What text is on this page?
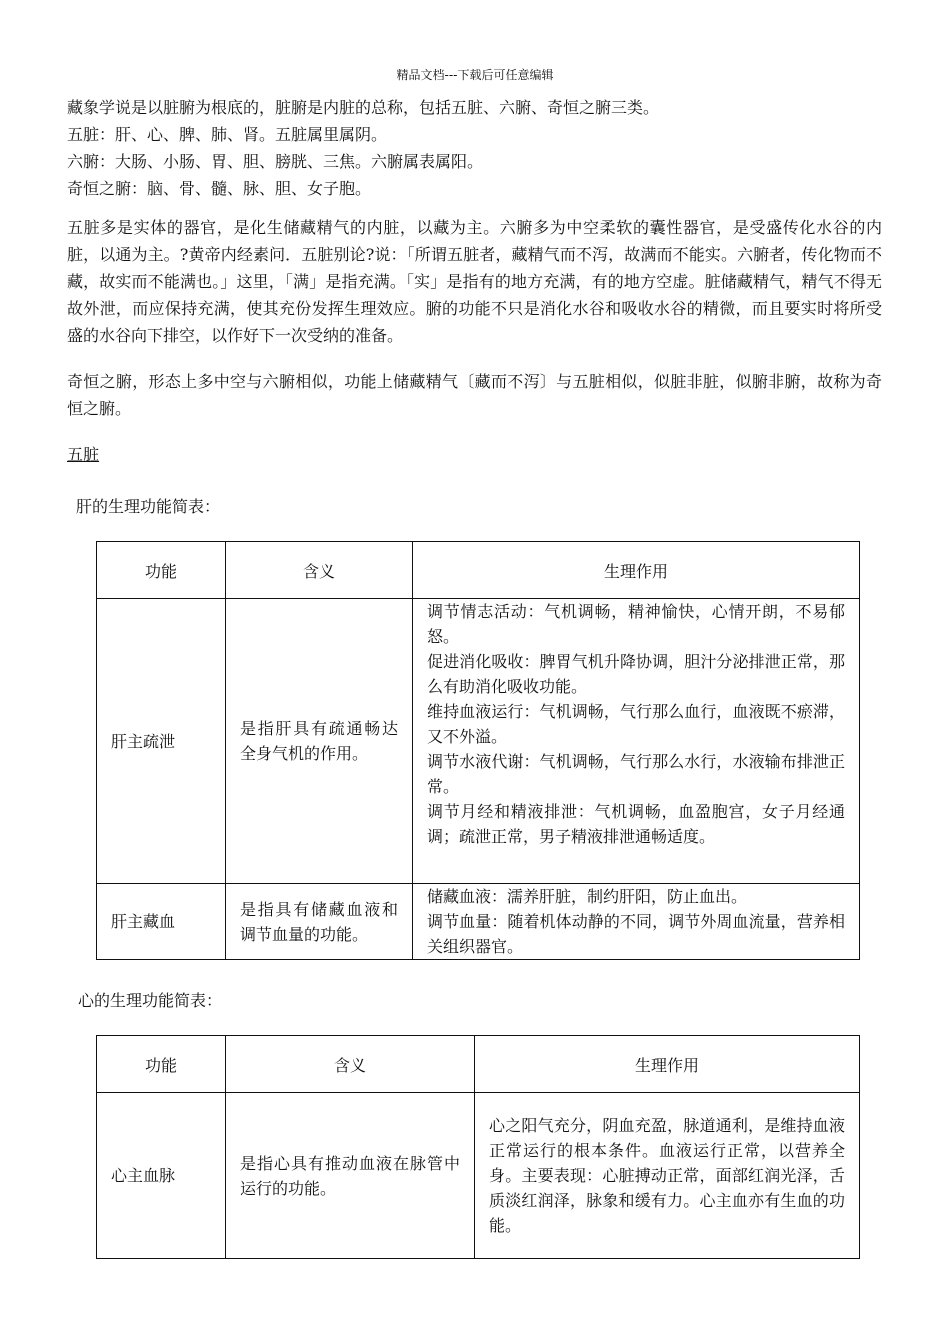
精品文档---下载后可任意编辑
藏象学说是以脏腑为根底的，脏腑是内脏的总称，包括五脏、六腑、奇恒之腑三类。
五脏：肝、心、脾、肺、肾。五脏属里属阴。
六腑：大肠、小肠、胃、胆、膀胱、三焦。六腑属表属阳。
奇恒之腑：脑、骨、髓、脉、胆、女子胞。
五脏多是实体的器官，是化生储藏精气的内脏，以藏为主。六腑多为中空柔软的囊性器官，是受盛传化水谷的内脏，以通为主。?黄帝内经素问．五脏别论?说：「所谓五脏者，藏精气而不泻，故满而不能实。六腑者，传化物而不藏，故实而不能满也。」这里，「满」是指充满。「实」是指有的地方充满，有的地方空虚。脏储藏精气，精气不得无故外泄，而应保持充满，使其充份发挥生理效应。腑的功能不只是消化水谷和吸收水谷的精微，而且要实时将所受盛的水谷向下排空，以作好下一次受纳的准备。
奇恒之腑，形态上多中空与六腑相似，功能上储藏精气〔藏而不泻〕与五脏相似，似脏非脏，似腑非腑，故称为奇恒之腑。
五脏
肝的生理功能简表：
功能	含义	生理作用
肝主疏泄	是指肝具有疏通畅达全身气机的作用。	调节情志活动：气机调畅，精神愉快，心情开朗，不易郁怒。
促进消化吸收：脾胃气机升降协调，胆汁分泌排泄正常，那么有助消化吸收功能。
维持血液运行：气机调畅，气行那么血行，血液既不瘀滞，又不外溢。
调节水液代谢：气机调畅，气行那么水行，水液输布排泄正常。
调节月经和精液排泄：气机调畅，血盈胞宫，女子月经通调；疏泄正常，男子精液排泄通畅适度。

肝主藏血	是指具有储藏血液和调节血量的功能。	储藏血液：濡养肝脏，制约肝阳，防止血出。
调节血量：随着机体动静的不同，调节外周血流量，营养相关组织器官。
心的生理功能简表：
功能	含义	生理作用
心主血脉	是指心具有推动血液在脉管中运行的功能。	心之阳气充分，阴血充盈，脉道通利，是维持血液正常运行的根本条件。血液运行正常，以营养全身。主要表现：心脏搏动正常，面部红润光泽，舌质淡红润泽，脉象和缓有力。心主血亦有生血的功能。
